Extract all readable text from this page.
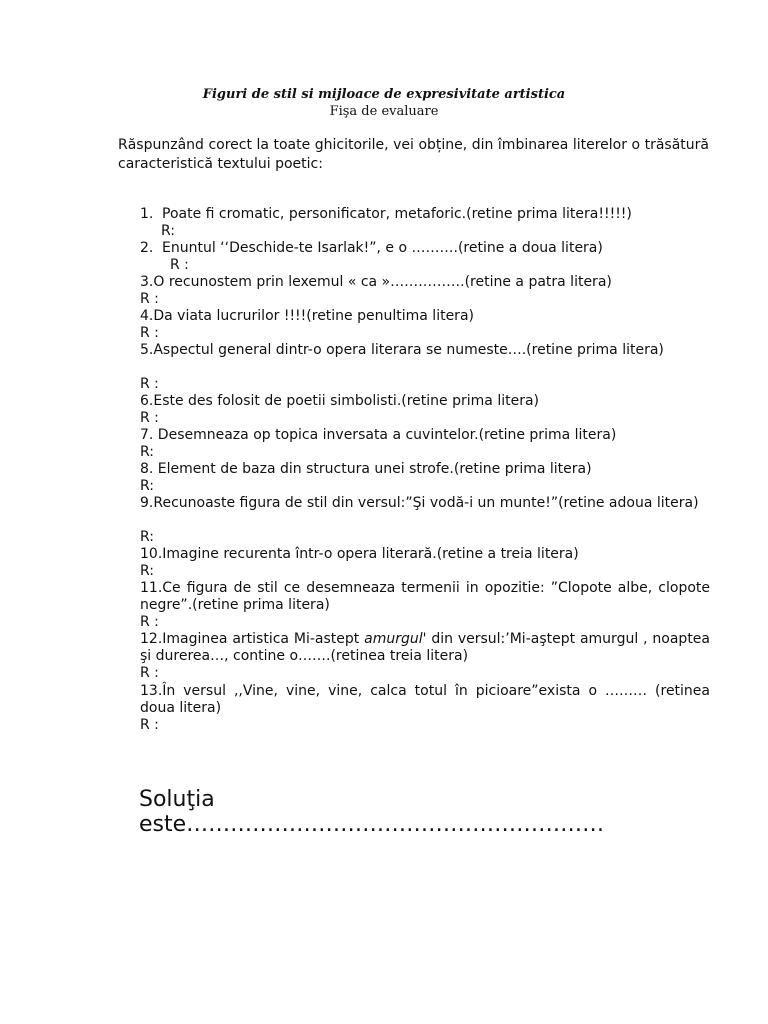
Figuri de stil si mijloace de expresivitate artistica
Fişa de evaluare
Răspunzând corect la toate ghicitorile, vei obține, din îmbinarea literelor o trăsătură caracteristică textului poetic:
1. Poate fi cromatic, personificator, metaforic.(retine prima litera!!!!!)
R:
2. Enuntul ‘‘Deschide-te Isarlak!”, e o ……….(retine a doua litera)
R :
3.O recunostem prin lexemul « ca »…………….(retine a patra litera)
R :
4.Da viata lucrurilor !!!!(retine penultima litera)
R :
5.Aspectul general dintr-o opera literara se numeste….(retine prima litera)
R :
6.Este des folosit de poetii simbolisti.(retine prima litera)
R :
7. Desemneaza op topica inversata a cuvintelor.(retine prima litera)
R:
8. Element de baza din structura unei strofe.(retine prima litera)
R:
9.Recunoaste figura de stil din versul:”Şi vodă-i un munte!”(retine adoua litera)
R:
10.Imagine recurenta într-o opera literară.(retine a treia litera)
R:
11.Ce figura de stil ce desemneaza termenii in opozitie: ”Clopote albe, clopote negre”.(retine prima litera)
R :
12.Imaginea artistica Mi-astept amurgul' din versul:’Mi-aştept amurgul , noaptea şi durerea…, contine o…….(retinea treia litera)
R :
13.În versul ,,Vine, vine, vine, calca totul în picioare”exista o ……… (retinea doua litera)
R :
Soluţia
este…………………………………………………
